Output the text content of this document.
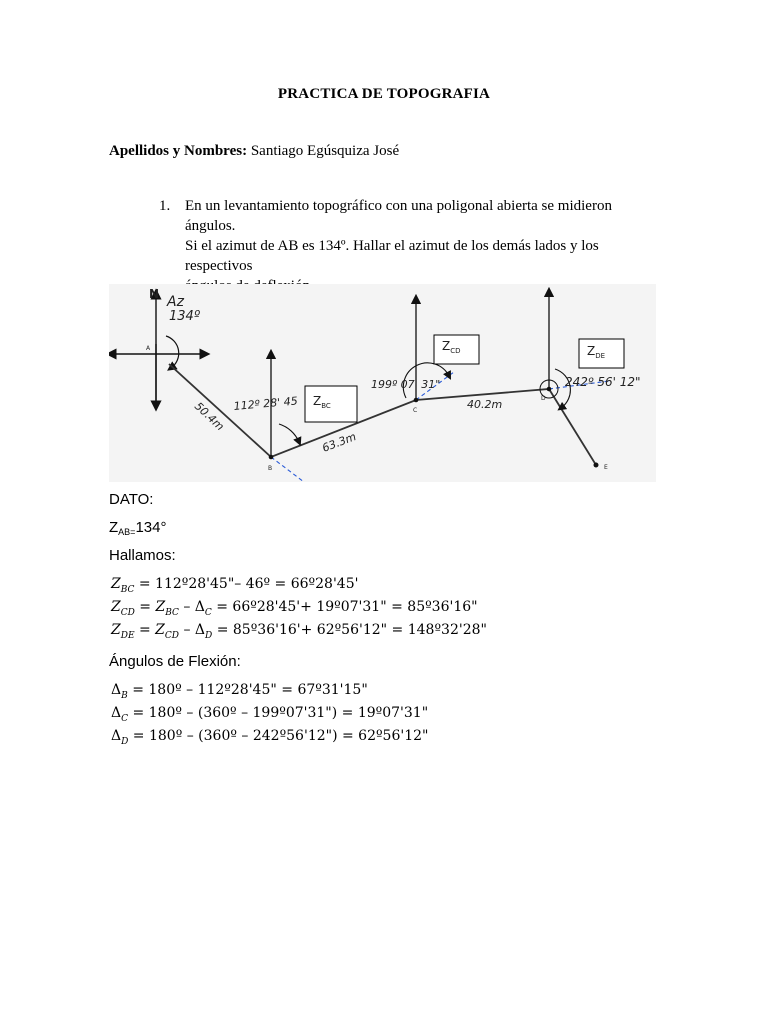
PRACTICA DE TOPOGRAFIA
Apellidos y Nombres: Santiago Egúsquiza José
1. En un levantamiento topográfico con una poligonal abierta se midieron ángulos.
Si el azimut de AB es 134º. Hallar el azimut de los demás lados y los respectivos
N Az
134º
A
B
112º 28' 45
50.4m
63.3m
C
199º 07' 31"
40.2m	D
242º 56' 12"
E
$Z_{BC}$
$Z_{CD}$	$Z_{DE}$
DATO:
$Z_{AB=}134^\circ$
Hallamos:
$Z_{BC}$ = 112º28'45"– 46º = 66º28'45'
$Z_{CD} = Z_{BC} - \Delta_C$ = 66º28'45'+ 19º07'31" = 85º36'16"
$Z_{DE} = Z_{CD} - \Delta_D$ = 85º36'16'+ 62º56'12" = 148º32'28"
Ángulos de Flexión:
$\Delta_B$ = 180º – 112º28'45" = 67º31'15"
$\Delta_C$ = 180º – (360º – 199º07'31") = 19º07'31"
$\Delta_D$ = 180º – (360º – 242º56'12") = 62º56'12"
